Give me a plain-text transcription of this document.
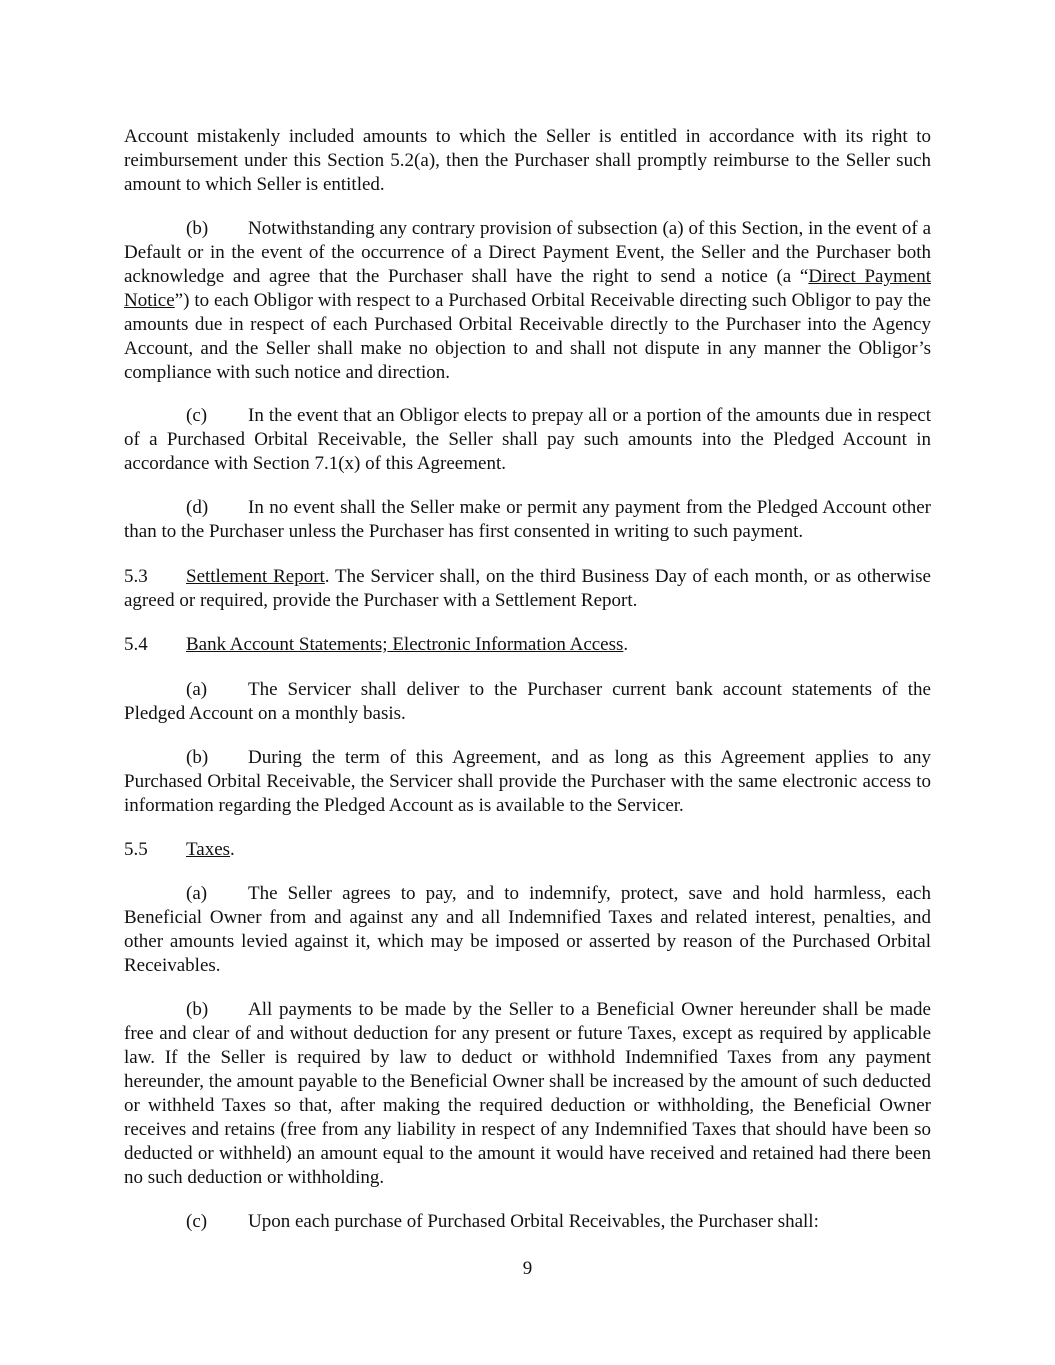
Account mistakenly included amounts to which the Seller is entitled in accordance with its right to reimbursement under this Section 5.2(a), then the Purchaser shall promptly reimburse to the Seller such amount to which Seller is entitled.

(b) Notwithstanding any contrary provision of subsection (a) of this Section, in the event of a Default or in the event of the occurrence of a Direct Payment Event, the Seller and the Purchaser both acknowledge and agree that the Purchaser shall have the right to send a notice (a “Direct Payment Notice”) to each Obligor with respect to a Purchased Orbital Receivable directing such Obligor to pay the amounts due in respect of each Purchased Orbital Receivable directly to the Purchaser into the Agency Account, and the Seller shall make no objection to and shall not dispute in any manner the Obligor’s compliance with such notice and direction.

(c) In the event that an Obligor elects to prepay all or a portion of the amounts due in respect of a Purchased Orbital Receivable, the Seller shall pay such amounts into the Pledged Account in accordance with Section 7.1(x) of this Agreement.

(d) In no event shall the Seller make or permit any payment from the Pledged Account other than to the Purchaser unless the Purchaser has first consented in writing to such payment.

5.3 Settlement Report. The Servicer shall, on the third Business Day of each month, or as otherwise agreed or required, provide the Purchaser with a Settlement Report.

5.4 Bank Account Statements; Electronic Information Access.

(a) The Servicer shall deliver to the Purchaser current bank account statements of the Pledged Account on a monthly basis.

(b) During the term of this Agreement, and as long as this Agreement applies to any Purchased Orbital Receivable, the Servicer shall provide the Purchaser with the same electronic access to information regarding the Pledged Account as is available to the Servicer.

5.5 Taxes.

(a) The Seller agrees to pay, and to indemnify, protect, save and hold harmless, each Beneficial Owner from and against any and all Indemnified Taxes and related interest, penalties, and other amounts levied against it, which may be imposed or asserted by reason of the Purchased Orbital Receivables.

(b) All payments to be made by the Seller to a Beneficial Owner hereunder shall be made free and clear of and without deduction for any present or future Taxes, except as required by applicable law. If the Seller is required by law to deduct or withhold Indemnified Taxes from any payment hereunder, the amount payable to the Beneficial Owner shall be increased by the amount of such deducted or withheld Taxes so that, after making the required deduction or withholding, the Beneficial Owner receives and retains (free from any liability in respect of any Indemnified Taxes that should have been so deducted or withheld) an amount equal to the amount it would have received and retained had there been no such deduction or withholding.

(c) Upon each purchase of Purchased Orbital Receivables, the Purchaser shall:

9
